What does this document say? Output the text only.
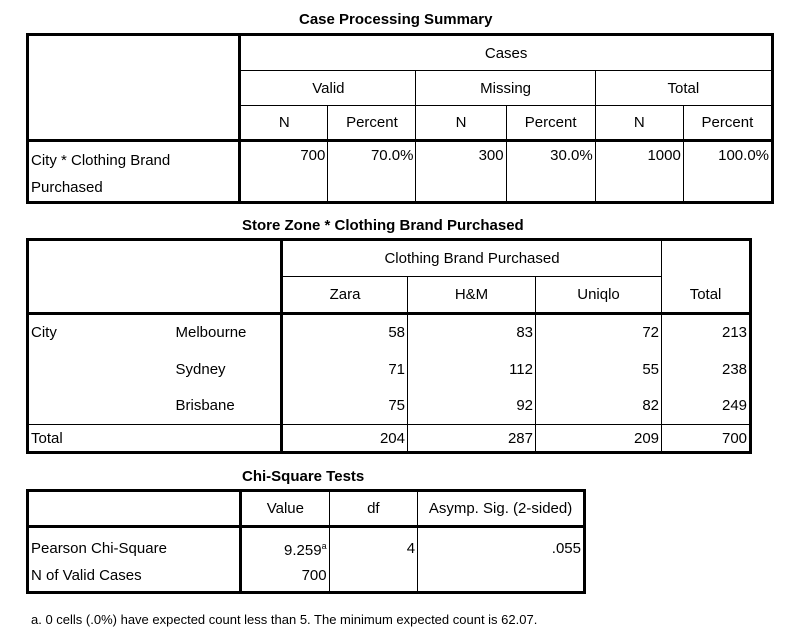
Case Processing Summary
	Cases					
	Valid		Missing		Total	
	N	Percent	N	Percent	N	Percent
City * Clothing Brand
Purchased	700	70.0%	300	30.0%	1000	100.0%
Store Zone * Clothing Brand Purchased
		Clothing Brand Purchased			Total
		Zara	H&M	Uniqlo	
City	Melbourne	58	83	72	213
	Sydney	71	112	55	238
	Brisbane	75	92	82	249
Total		204	287	209	700
Chi-Square Tests
	Value	df	Asymp. Sig. (2-sided)
Pearson Chi-Square	9.259$^a$	4	.055
N of Valid Cases	700		
a. 0 cells (.0%) have expected count less than 5. The minimum expected count is 62.07.
